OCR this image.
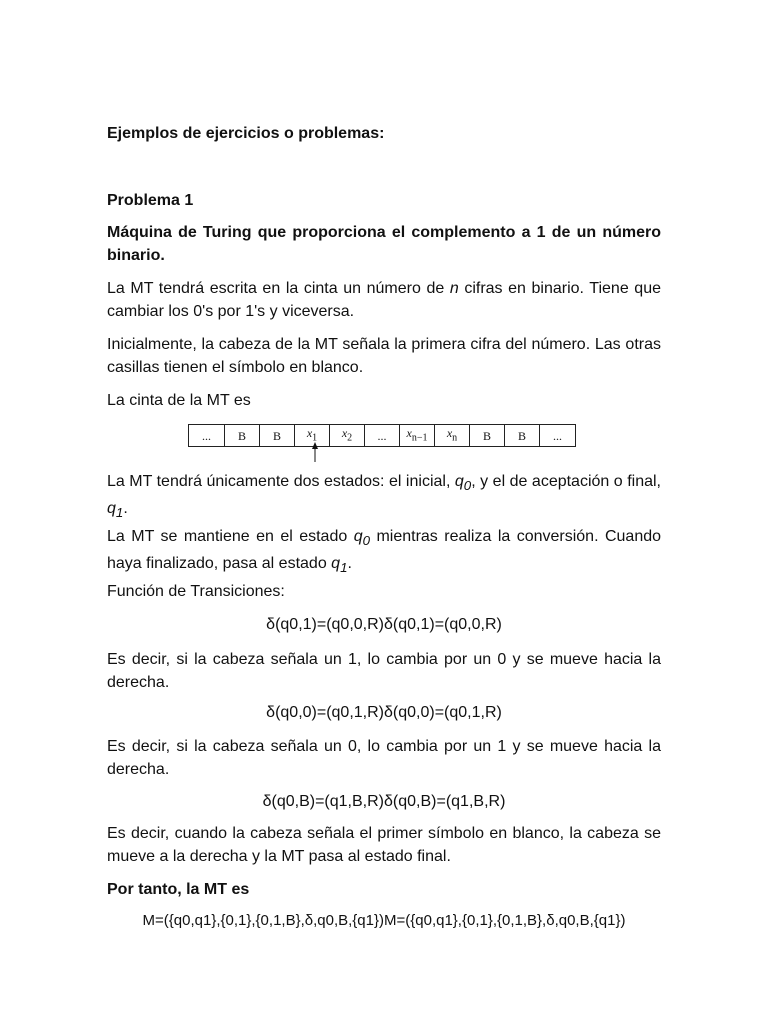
Ejemplos de ejercicios o problemas:
Problema 1
Máquina de Turing que proporciona el complemento a 1 de un número binario.
La MT tendrá escrita en la cinta un número de n cifras en binario. Tiene que cambiar los 0's por 1's y viceversa.
Inicialmente, la cabeza de la MT señala la primera cifra del número. Las otras casillas tienen el símbolo en blanco.
La cinta de la MT es
...	B	B	$x_1$	$x_2$	...	$x_{n-1}$	$x_n$	B	B	...
La MT tendrá únicamente dos estados: el inicial, $q_0$, y el de aceptación o final, $q_1$.
La MT se mantiene en el estado $q_0$ mientras realiza la conversión. Cuando haya finalizado, pasa al estado $q_1$.
Función de Transiciones:
δ(q0,1)=(q0,0,R)δ(q0,1)=(q0,0,R)
Es decir, si la cabeza señala un 1, lo cambia por un 0 y se mueve hacia la derecha.
δ(q0,0)=(q0,1,R)δ(q0,0)=(q0,1,R)
Es decir, si la cabeza señala un 0, lo cambia por un 1 y se mueve hacia la derecha.
δ(q0,B)=(q1,B,R)δ(q0,B)=(q1,B,R)
Es decir, cuando la cabeza señala el primer símbolo en blanco, la cabeza se mueve a la derecha y la MT pasa al estado final.
Por tanto, la MT es
M=({q0,q1},{0,1},{0,1,B},δ,q0,B,{q1})M=({q0,q1},{0,1},{0,1,B},δ,q0,B,{q1})
